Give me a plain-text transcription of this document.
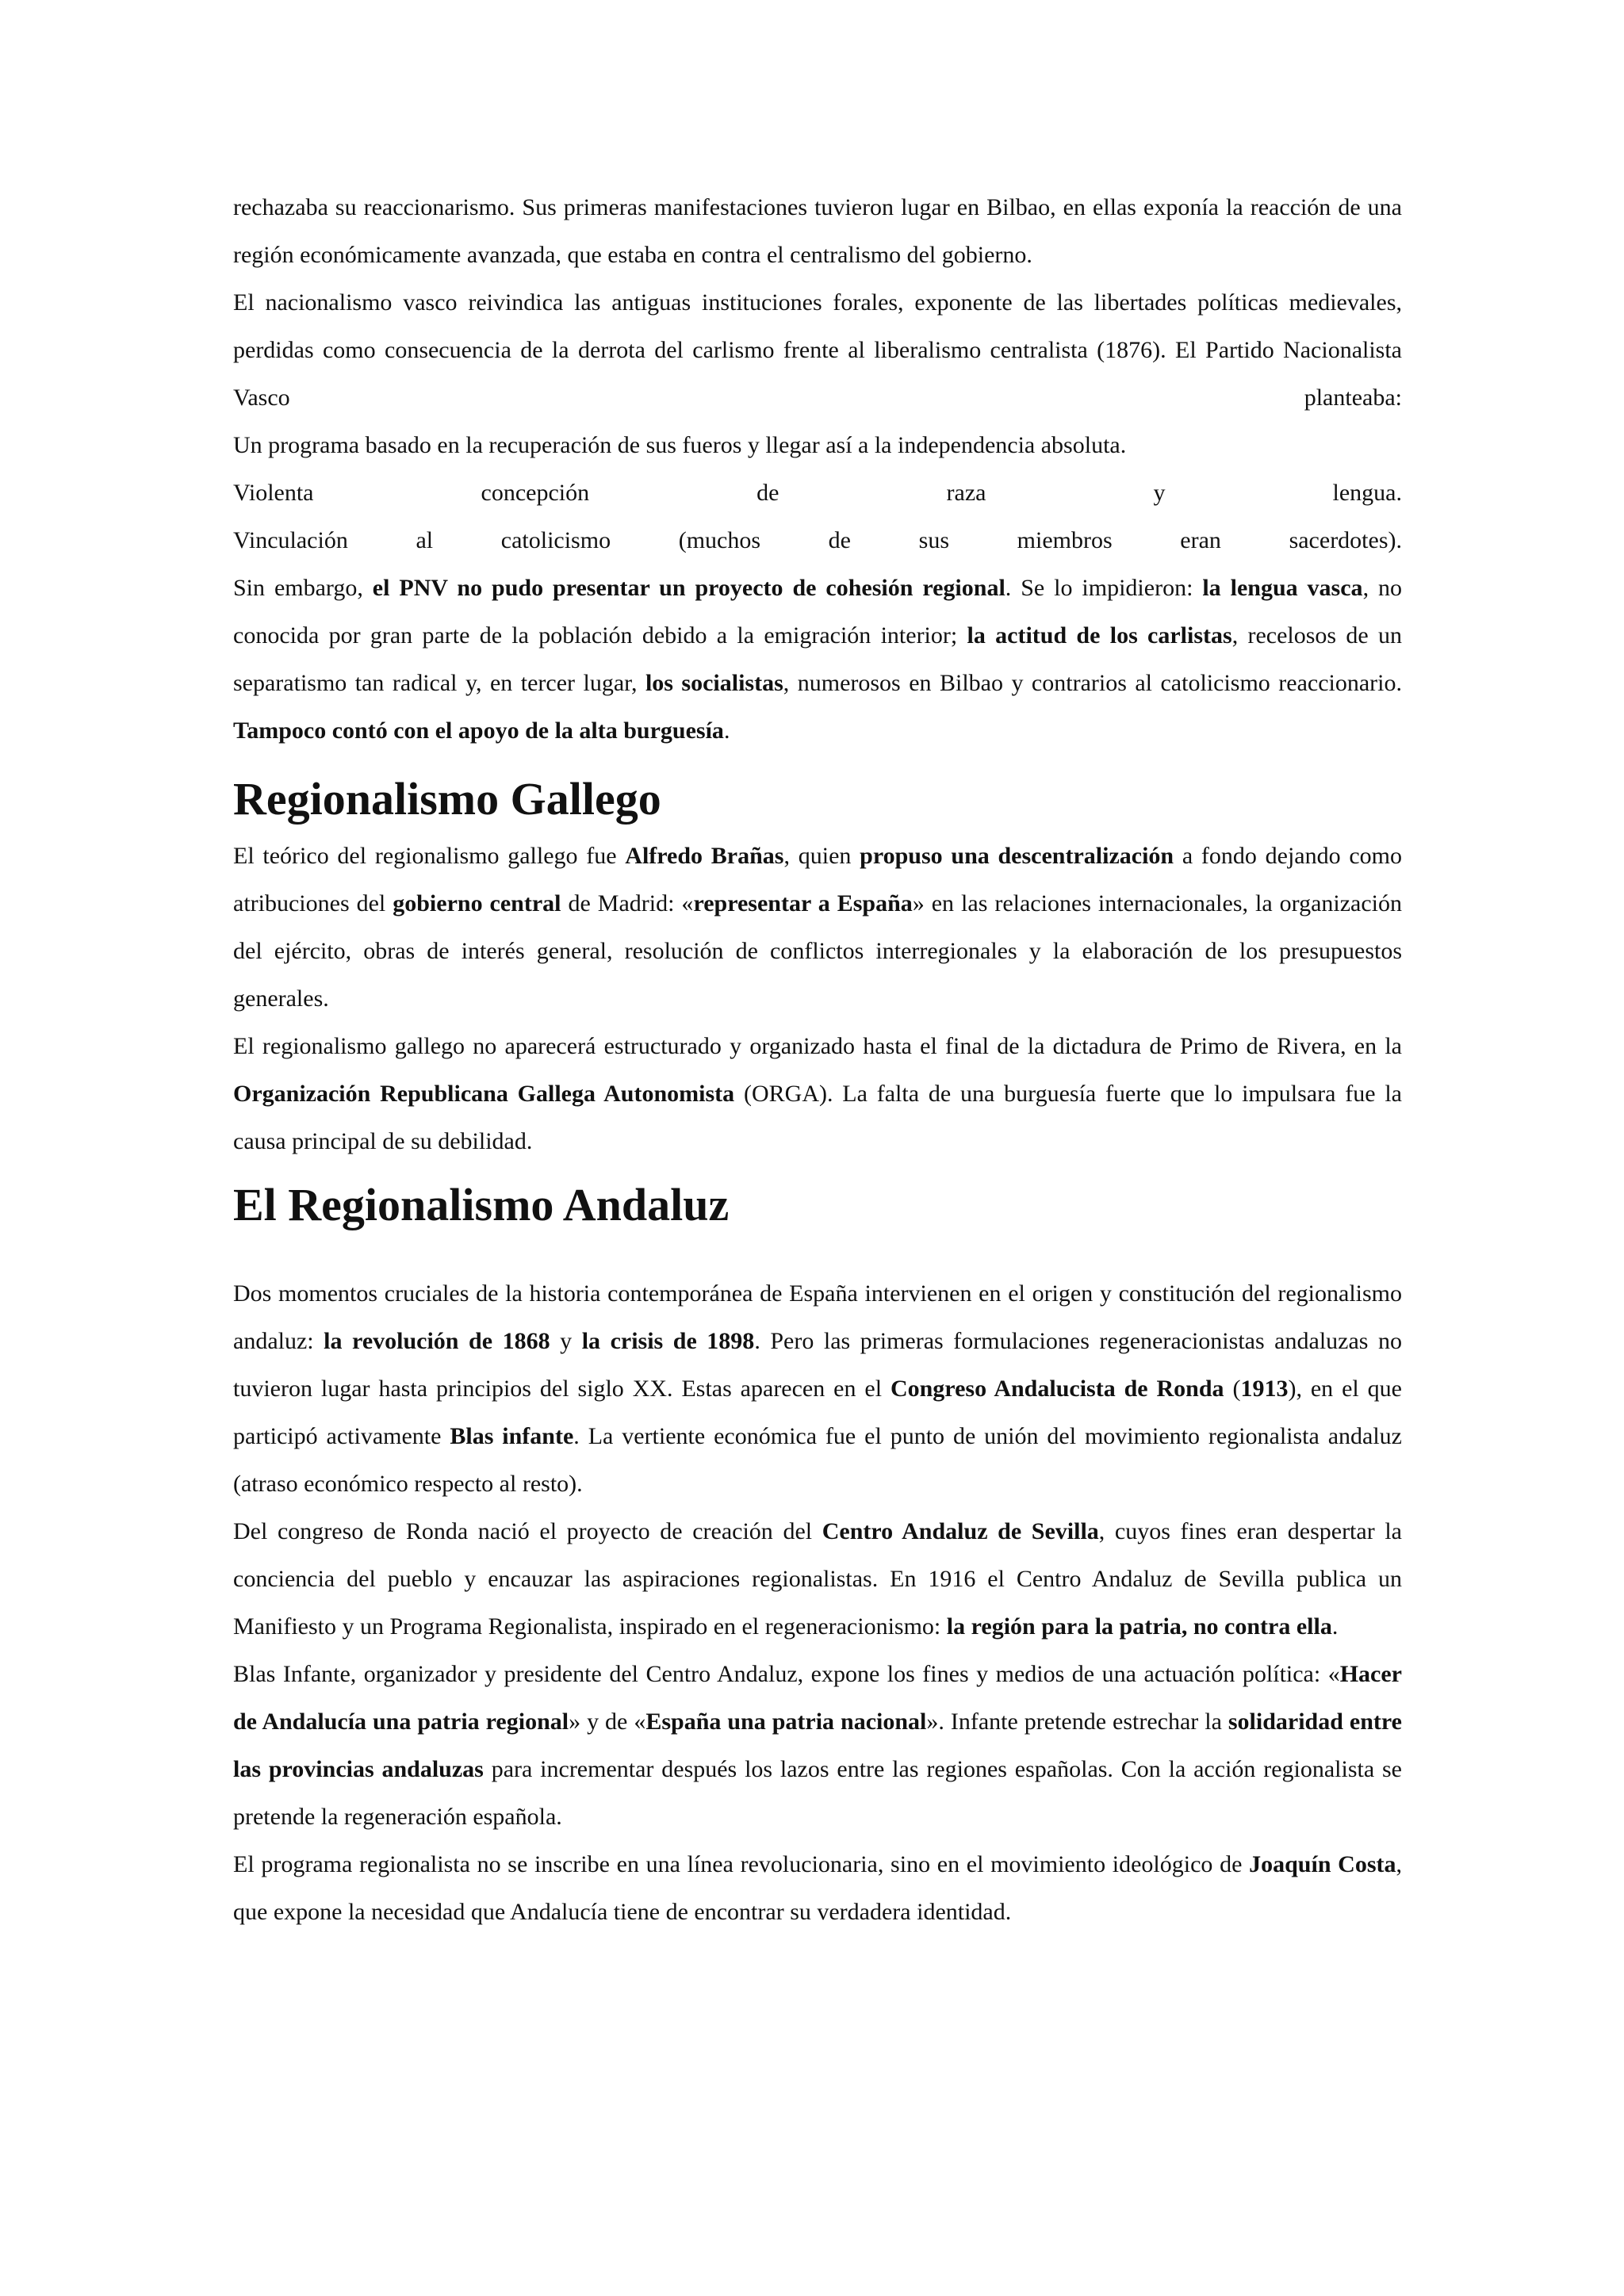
rechazaba su reaccionarismo. Sus primeras manifestaciones tuvieron lugar en Bilbao, en ellas exponía la reacción de una región económicamente avanzada, que estaba en contra el centralismo del gobierno.

El nacionalismo vasco reivindica las antiguas instituciones forales, exponente de las libertades políticas medievales, perdidas como consecuencia de la derrota del carlismo frente al liberalismo centralista (1876). El Partido Nacionalista Vasco planteaba:

Un programa basado en la recuperación de sus fueros y llegar así a la independencia absoluta.

Violenta concepción de raza y lengua.

Vinculación al catolicismo (muchos de sus miembros eran sacerdotes).

Sin embargo, el PNV no pudo presentar un proyecto de cohesión regional. Se lo impidieron: la lengua vasca, no conocida por gran parte de la población debido a la emigración interior; la actitud de los carlistas, recelosos de un separatismo tan radical y, en tercer lugar, los socialistas, numerosos en Bilbao y contrarios al catolicismo reaccionario. Tampoco contó con el apoyo de la alta burguesía.

Regionalismo Gallego

El teórico del regionalismo gallego fue Alfredo Brañas, quien propuso una descentralización a fondo dejando como atribuciones del gobierno central de Madrid: «representar a España» en las relaciones internacionales, la organización del ejército, obras de interés general, resolución de conflictos interregionales y la elaboración de los presupuestos generales.

El regionalismo gallego no aparecerá estructurado y organizado hasta el final de la dictadura de Primo de Rivera, en la Organización Republicana Gallega Autonomista (ORGA). La falta de una burguesía fuerte que lo impulsara fue la causa principal de su debilidad.

El Regionalismo Andaluz

Dos momentos cruciales de la historia contemporánea de España intervienen en el origen y constitución del regionalismo andaluz: la revolución de 1868 y la crisis de 1898. Pero las primeras formulaciones regeneracionistas andaluzas no tuvieron lugar hasta principios del siglo XX. Estas aparecen en el Congreso Andalucista de Ronda (1913), en el que participó activamente Blas infante. La vertiente económica fue el punto de unión del movimiento regionalista andaluz (atraso económico respecto al resto).

Del congreso de Ronda nació el proyecto de creación del Centro Andaluz de Sevilla, cuyos fines eran despertar la conciencia del pueblo y encauzar las aspiraciones regionalistas. En 1916 el Centro Andaluz de Sevilla publica un Manifiesto y un Programa Regionalista, inspirado en el regeneracionismo: la región para la patria, no contra ella.

Blas Infante, organizador y presidente del Centro Andaluz, expone los fines y medios de una actuación política: «Hacer de Andalucía una patria regional» y de «España una patria nacional». Infante pretende estrechar la solidaridad entre las provincias andaluzas para incrementar después los lazos entre las regiones españolas. Con la acción regionalista se pretende la regeneración española.

El programa regionalista no se inscribe en una línea revolucionaria, sino en el movimiento ideológico de Joaquín Costa, que expone la necesidad que Andalucía tiene de encontrar su verdadera identidad.
